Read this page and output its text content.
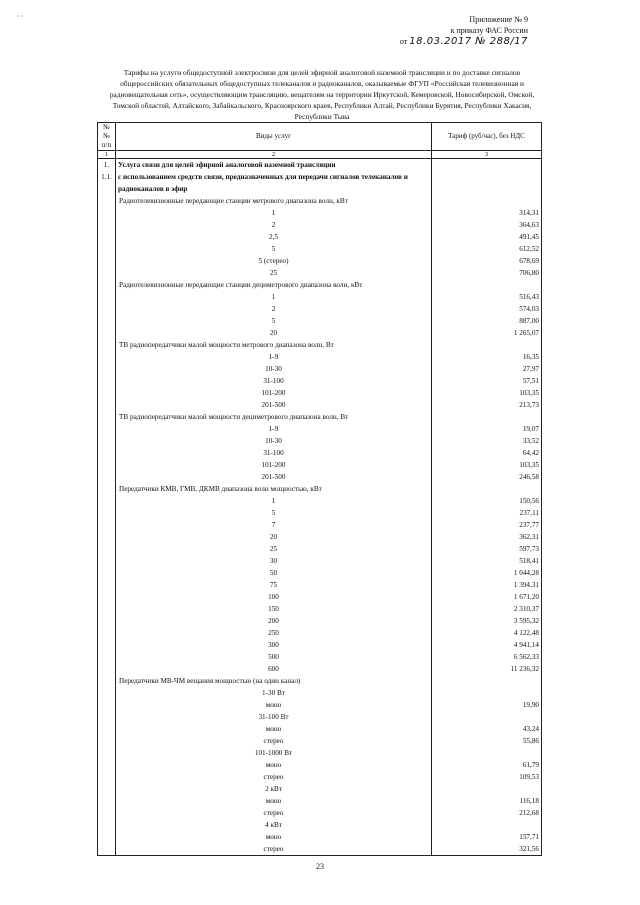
· ·	Приложение № 9
к приказу ФАС России
от 18.03.2017 № 288/17
Тарифы на услуги общедоступной электросвязи для целей эфирной аналоговой наземной трансляции и по доставке сигналов общероссийских обязательных общедоступных телеканалов и радиоканалов, оказываемые ФГУП «Российская телевизионная и радиовещательная сеть», осуществляющим трансляцию, вещателям на территории Иркутской, Кемеровской, Новосибирской, Омской, Томской областей, Алтайского, Забайкальского, Красноярского краев, Республики Алтай, Республики Бурятия, Республики Хакасия, Республики Тыва
№№ п/п	Виды услуг	Тариф (руб/час), без НДС
1	2	3
1.	Услуга связи для целей эфирной аналоговой наземной трансляции	
1.1.	с использованием средств связи, предназначенных для передачи сигналов телеканалов и	
	радиоканалов в эфир	
	Радиотелевизионные передающие станции метрового диапазона волн, кВт	
	1	314,31
	2	364,63
	2,5	491,45
	5	612,52
	5 (стерео)	678,69
	25	706,80
	Радиотелевизионные передающие станции дециметрового диапазона волн, кВт	
	1	516,43
	2	574,03
	5	887,00
	20	1 265,07
	ТВ радиопередатчики малой мощности метрового диапазона волн, Вт	
	1-9	16,35
	10-30	27,97
	31-100	57,51
	101-200	103,35
	201-500	213,73
	ТВ радиопередатчики малой мощности дециметрового диапазона волн, Вт	
	1-9	19,07
	10-30	33,52
	31-100	64,42
	101-200	103,35
	201-500	246,58
	Передатчики КМВ, ГМВ, ДКМВ диапазона волн мощностью, кВт	
	1	150,56
	5	237,11
	7	237,77
	20	362,31
	25	597,73
	30	518,41
	50	1 044,28
	75	1 394,31
	100	1 671,20
	150	2 310,37
	200	3 595,32
	250	4 122,48
	300	4 941,14
	500	6 562,33
	600	11 236,32
	Передатчики МВ-ЧМ вещания мощностью (на один канал)	
	1-30 Вт	
	моно	19,90
	31-100 Вт	
	моно	43,24
	стерео	55,86
	101-1000 Вт	
	моно	61,79
	стерео	109,53
	2 кВт	
	моно	116,18
	стерео	212,68
	4 кВт	
	моно	157,71
	стерео	321,56
23
